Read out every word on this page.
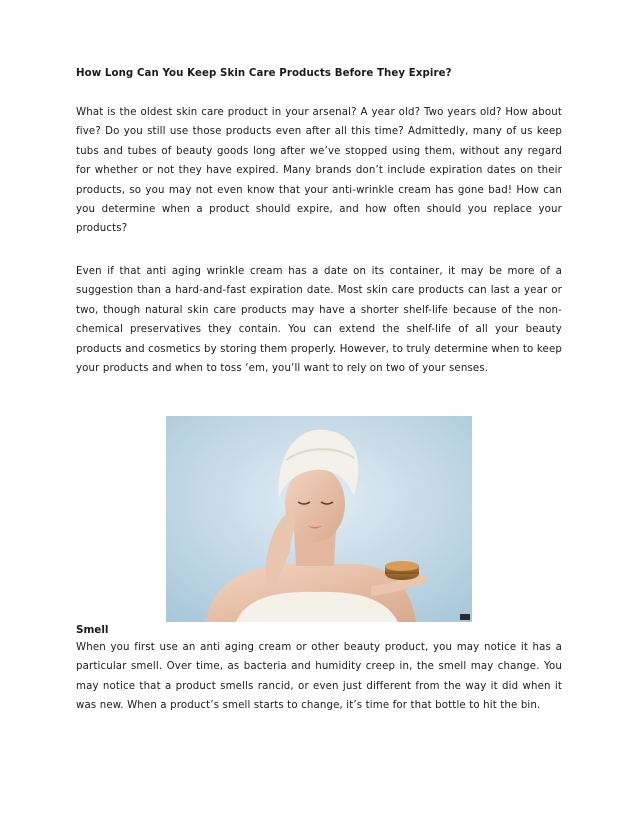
How Long Can You Keep Skin Care Products Before They Expire?

What is the oldest skin care product in your arsenal? A year old? Two years old? How about five? Do you still use those products even after all this time? Admittedly, many of us keep tubs and tubes of beauty goods long after we’ve stopped using them, without any regard for whether or not they have expired. Many brands don’t include expiration dates on their products, so you may not even know that your anti-wrinkle cream has gone bad! How can you determine when a product should expire, and how often should you replace your products?

Even if that anti aging wrinkle cream has a date on its container, it may be more of a suggestion than a hard-and-fast expiration date. Most skin care products can last a year or two, though natural skin care products may have a shorter shelf-life because of the non-chemical preservatives they contain. You can extend the shelf-life of all your beauty products and cosmetics by storing them properly. However, to truly determine when to keep your products and when to toss ‘em, you’ll want to rely on two of your senses.

Smell

When you first use an anti aging cream or other beauty product, you may notice it has a particular smell. Over time, as bacteria and humidity creep in, the smell may change. You may notice that a product smells rancid, or even just different from the way it did when it was new. When a product’s smell starts to change, it’s time for that bottle to hit the bin.
